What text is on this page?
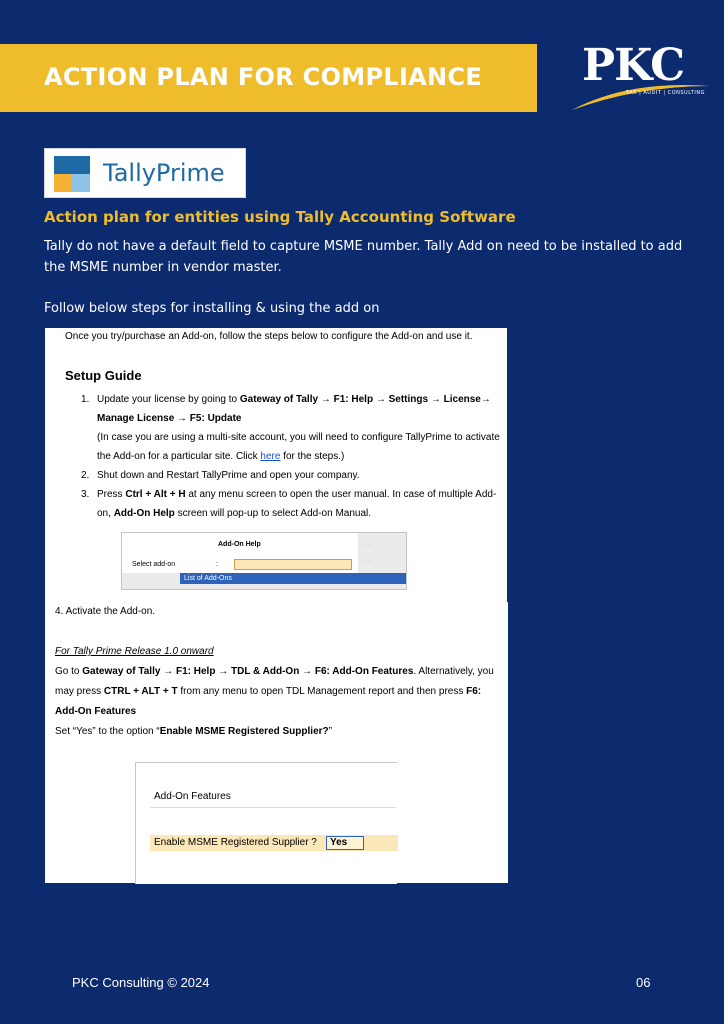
ACTION PLAN FOR COMPLIANCE PKC
TAX | AUDIT | CONSULTING
TallyPrime
Action plan for entities using Tally Accounting Software
Tally do not have a default field to capture MSME number. Tally Add on need to be installed to add the MSME number in vendor master.
Follow below steps for installing & using the add on
Once you try/purchase an Add-on, follow the steps below to configure the Add-on and use it.
Setup Guide
1. Update your license by going to Gateway of Tally → F1: Help → Settings → License→ Manage License → F5: Update
(In case you are using a multi-site account, you will need to configure TallyPrime to activate the Add-on for a particular site. Click here for the steps.)
2. Shut down and Restart TallyPrime and open your company.
3. Press Ctrl + Alt + H at any menu screen to open the user manual. In case of multiple Add-on, Add-On Help screen will pop-up to select Add-on Manual.
·····
·····
Add-On Help
Select add-on	:
List of Add-Ons
4. Activate the Add-on.
For Tally Prime Release 1.0 onward
Go to Gateway of Tally → F1: Help → TDL & Add-On → F6: Add-On Features. Alternatively, you may press CTRL + ALT + T from any menu to open TDL Management report and then press F6: Add-On Features
Set “Yes” to the option “Enable MSME Registered Supplier?”
Add-On Features
Enable MSME Registered Supplier ?	Yes
PKC Consulting © 2024	06
